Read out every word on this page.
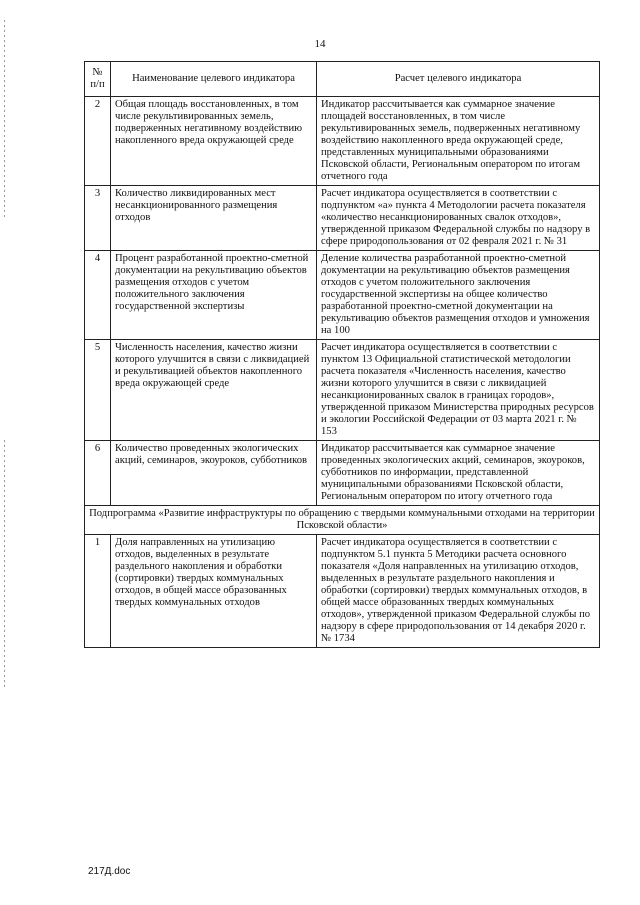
14
№ п/п	Наименование целевого индикатора	Расчет целевого индикатора
2	Общая площадь восстановленных, в том числе рекультивированных земель, подверженных негативному воздействию накопленного вреда окружающей среде	Индикатор рассчитывается как суммарное значение площадей восстановленных, в том числе рекультивированных земель, подверженных негативному воздействию накопленного вреда окружающей среде, представленных муниципальными образованиями Псковской области, Региональным оператором по итогам отчетного года
3	Количество ликвидированных мест несанкционированного размещения отходов	Расчет индикатора осуществляется в соответствии с подпунктом «а» пункта 4 Методологии расчета показателя «количество несанкционированных свалок отходов», утвержденной приказом Федеральной службы по надзору в сфере природопользования от 02 февраля 2021 г. № 31
4	Процент разработанной проектно-сметной документации на рекультивацию объектов размещения отходов с учетом положительного заключения государственной экспертизы	Деление количества разработанной проектно-сметной документации на рекультивацию объектов размещения отходов с учетом положительного заключения государственной экспертизы на общее количество разработанной проектно-сметной документации на рекультивацию объектов размещения отходов и умножения на 100
5	Численность населения, качество жизни которого улучшится в связи с ликвидацией и рекультивацией объектов накопленного вреда окружающей среде	Расчет индикатора осуществляется в соответствии с пунктом 13 Официальной статистической методологии расчета показателя «Численность населения, качество жизни которого улучшится в связи с ликвидацией несанкционированных свалок в границах городов», утвержденной приказом Министерства природных ресурсов и экологии Российской Федерации от 03 марта 2021 г. № 153
6	Количество проведенных экологических акций, семинаров, экоуроков, субботников	Индикатор рассчитывается как суммарное значение проведенных экологических акций, семинаров, экоуроков, субботников по информации, представленной муниципальными образованиями Псковской области, Региональным оператором по итогу отчетного года
Подпрограмма «Развитие инфраструктуры по обращению с твердыми коммунальными отходами на территории Псковской области»		
1	Доля направленных на утилизацию отходов, выделенных в результате раздельного накопления и обработки (сортировки) твердых коммунальных отходов, в общей массе образованных твердых коммунальных отходов	Расчет индикатора осуществляется в соответствии с подпунктом 5.1 пункта 5 Методики расчета основного показателя «Доля направленных на утилизацию отходов, выделенных в результате раздельного накопления и обработки (сортировки) твердых коммунальных отходов, в общей массе образованных твердых коммунальных отходов», утвержденной приказом Федеральной службы по надзору в сфере природопользования от 14 декабря 2020 г. № 1734
217Д.doc
